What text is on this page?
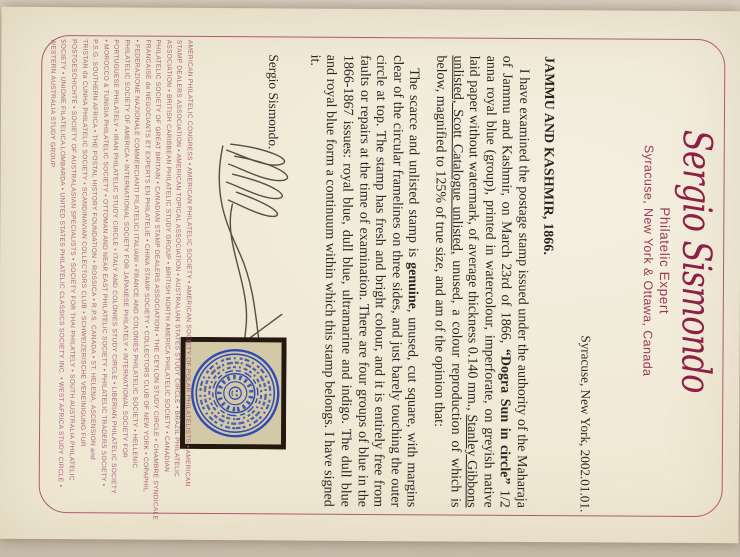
Sergio Sismondo
Philatelic Expert
Syracuse, New York & Ottawa, Canada
Syracuse, New York, 2002.01.01.
JAMMU AND KASHMIR, 1866.

I have examined the postage stamp issued under the authority of the Maharaja of Jammu and Kashmir, on March 23rd of 1866, “Dogra Sun in circle” 1/2 anna royal blue (group), printed in watercolour, imperforate, on greyish native laid paper without watermark, of average thickness 0.140 mm., Stanley Gibbons unlisted, Scott Catalogue unlisted, unused, a colour reproduction of which is below, magnified to 125% of true size, and am of the opinion that:

The scarce and unlisted stamp is genuine, unused, cut square, with margins clear of the circular framelines on three sides, and just barely touching the outer circle at top. The stamp has fresh and bright colour, and it is entirely free from faults or repairs at the time of examination. There are four groups of blue in the 1866-1867 issues: royal blue, dull blue, ultramarine and indigo. The dull blue and royal blue form a continuum within which this stamp belongs. I have signed it.

Sergio Sismondo.
AMERICAN PHILATELIC CONGRESS • AMERICAN PHILATELIC SOCIETY • AMERICAN SOCIETY OF POLAR PHILATELISTS • AMERICAN
STAMP DEALERS ASSOCIATION • AMERICAN TOPICAL ASSOCIATION • AUSTRALIAN STATES STUDY CIRCLE • BRAZIL PHILATELIC
ASSOCIATION • BRITISH CARIBBEAN PHILATELIC STUDY GROUP • BRITISH NORTH AMERICA PHILATELIC SOCIETY • CANADIAN
PHILATELIC SOCIETY OF GREAT BRITAIN • CANADIAN STAMP DEALERS ASSOCIATION • THE CEYLON STUDY CIRCLE • CHAMBRE SYNDICALE
FRANCAISE de NEGOCIANTS ET EXPERTS EN PHILATELIE • CHINA STAMP SOCIETY • COLLECTORS CLUB OF NEW YORK • COPAPHIL
• FEDERAZIONE NAZIONALE COMMERCIANTI FILATELICI ITALIANI • FRANCE AND COLONIES PHILATELIC SOCIETY • HELLENIC
PHILATELIC SOCIETY OF AMERICA • INTERNATIONAL SOCIETY FOR JAPANESE PHILATELY • INTERNATIONAL SOCIETY FOR
PORTUGUESE PHILATELY • IRAN PHILATELIC STUDY CIRCLE • ITALY AND COLONIES STUDY CIRCLE • LIBERIAN PHILATELIC SOCIETY
• MOROCCO & TUNISIA PHILATELIC SOCIETY • OTTOMAN AND NEAR EAST PHILATELIC SOCIETY • PHILATELIC TRADERS SOCIETY •
P.S.G. SOUTHERN AFRICA • THE POSTAL HISTORY FOUNDATION • ROSSICA • R.P.S. CANADA • ST. HELENA, ASCENSION and
TRISTAN da CUNHA PHILATELIC SOCIETY • SCANDINAVIAN COLLECTORS CLUB • SCHWEIZERISCHE VEREINIGUNG FUR
POSTGESCHICHTE • SOCIETY OF AUSTRALASIAN SPECIALISTS • SOCIETY FOR THAI PHILATELY • SOUTH AUSTRALIA PHILATELIC
SOCIETY • UNIONE FILATELICA LOMBARDA • UNITED STATES PHILATELIC CLASSICS SOCIETY INC. • WEST AFRICA STUDY CIRCLE •
WESTERN AUSTRALIA STUDY GROUP
